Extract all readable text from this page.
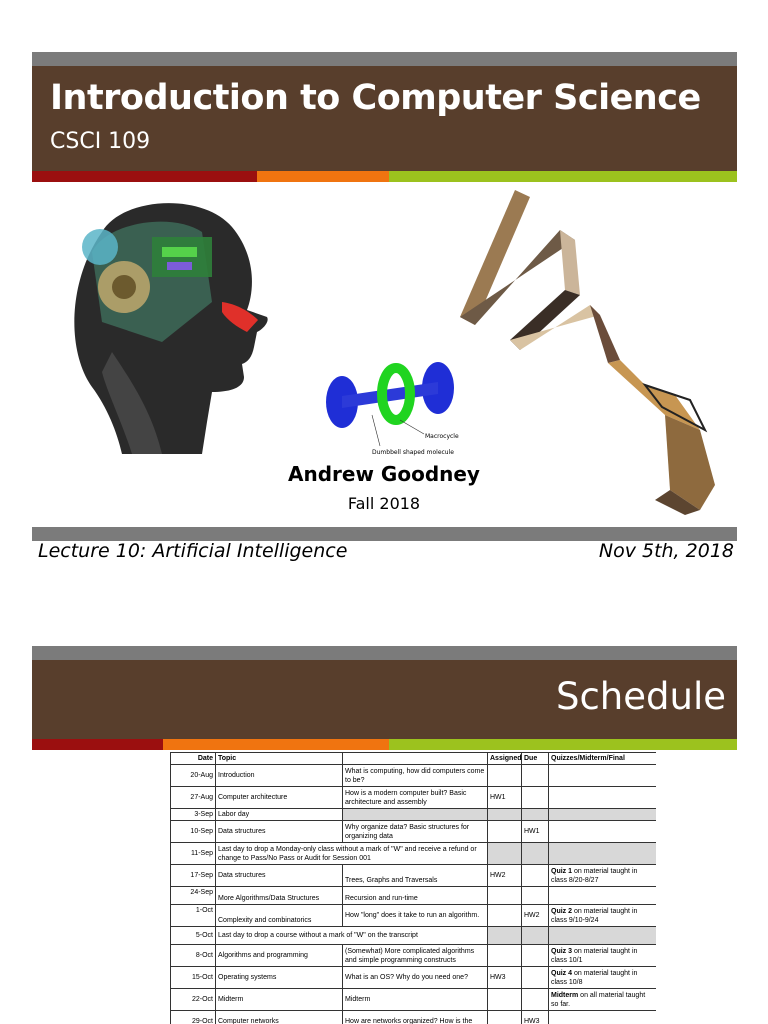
Introduction to Computer Science
CSCI 109
Macrocycle
Dumbbell shaped molecule
Andrew Goodney
Fall 2018
Lecture 10: Artificial Intelligence	Nov 5th, 2018
Schedule
Date	Topic		Assigned	Due	Quizzes/Midterm/Final
20-Aug	Introduction	What is computing, how did computers come to be?			
27-Aug	Computer architecture	How is a modern computer built? Basic architecture and assembly	HW1		
3-Sep	Labor day				
10-Sep	Data structures	Why organize data? Basic structures for organizing data		HW1	
11-Sep	Last day to drop a Monday-only class without a mark of "W" and receive a refund or change to Pass/No Pass or Audit for Session 001				
17-Sep	Data structures	Trees, Graphs and Traversals	HW2		Quiz 1 on material taught in class 8/20-8/27
24-Sep	More Algorithms/Data Structures	Recursion and run-time			
1-Oct	Complexity and combinatorics	How "long" does it take to run an algorithm.		HW2	Quiz 2 on material taught in class 9/10-9/24
5-Oct	Last day to drop a course without a mark of "W" on the transcript				
8-Oct	Algorithms and programming	(Somewhat) More complicated algorithms and simple programming constructs			Quiz 3 on material taught in class 10/1
15-Oct	Operating systems	What is an OS? Why do you need one?	HW3		Quiz 4 on material taught in class 10/8
22-Oct	Midterm	Midterm			Midterm on all material taught so far.
29-Oct	Computer networks	How are networks organized? How is the		HW3	
